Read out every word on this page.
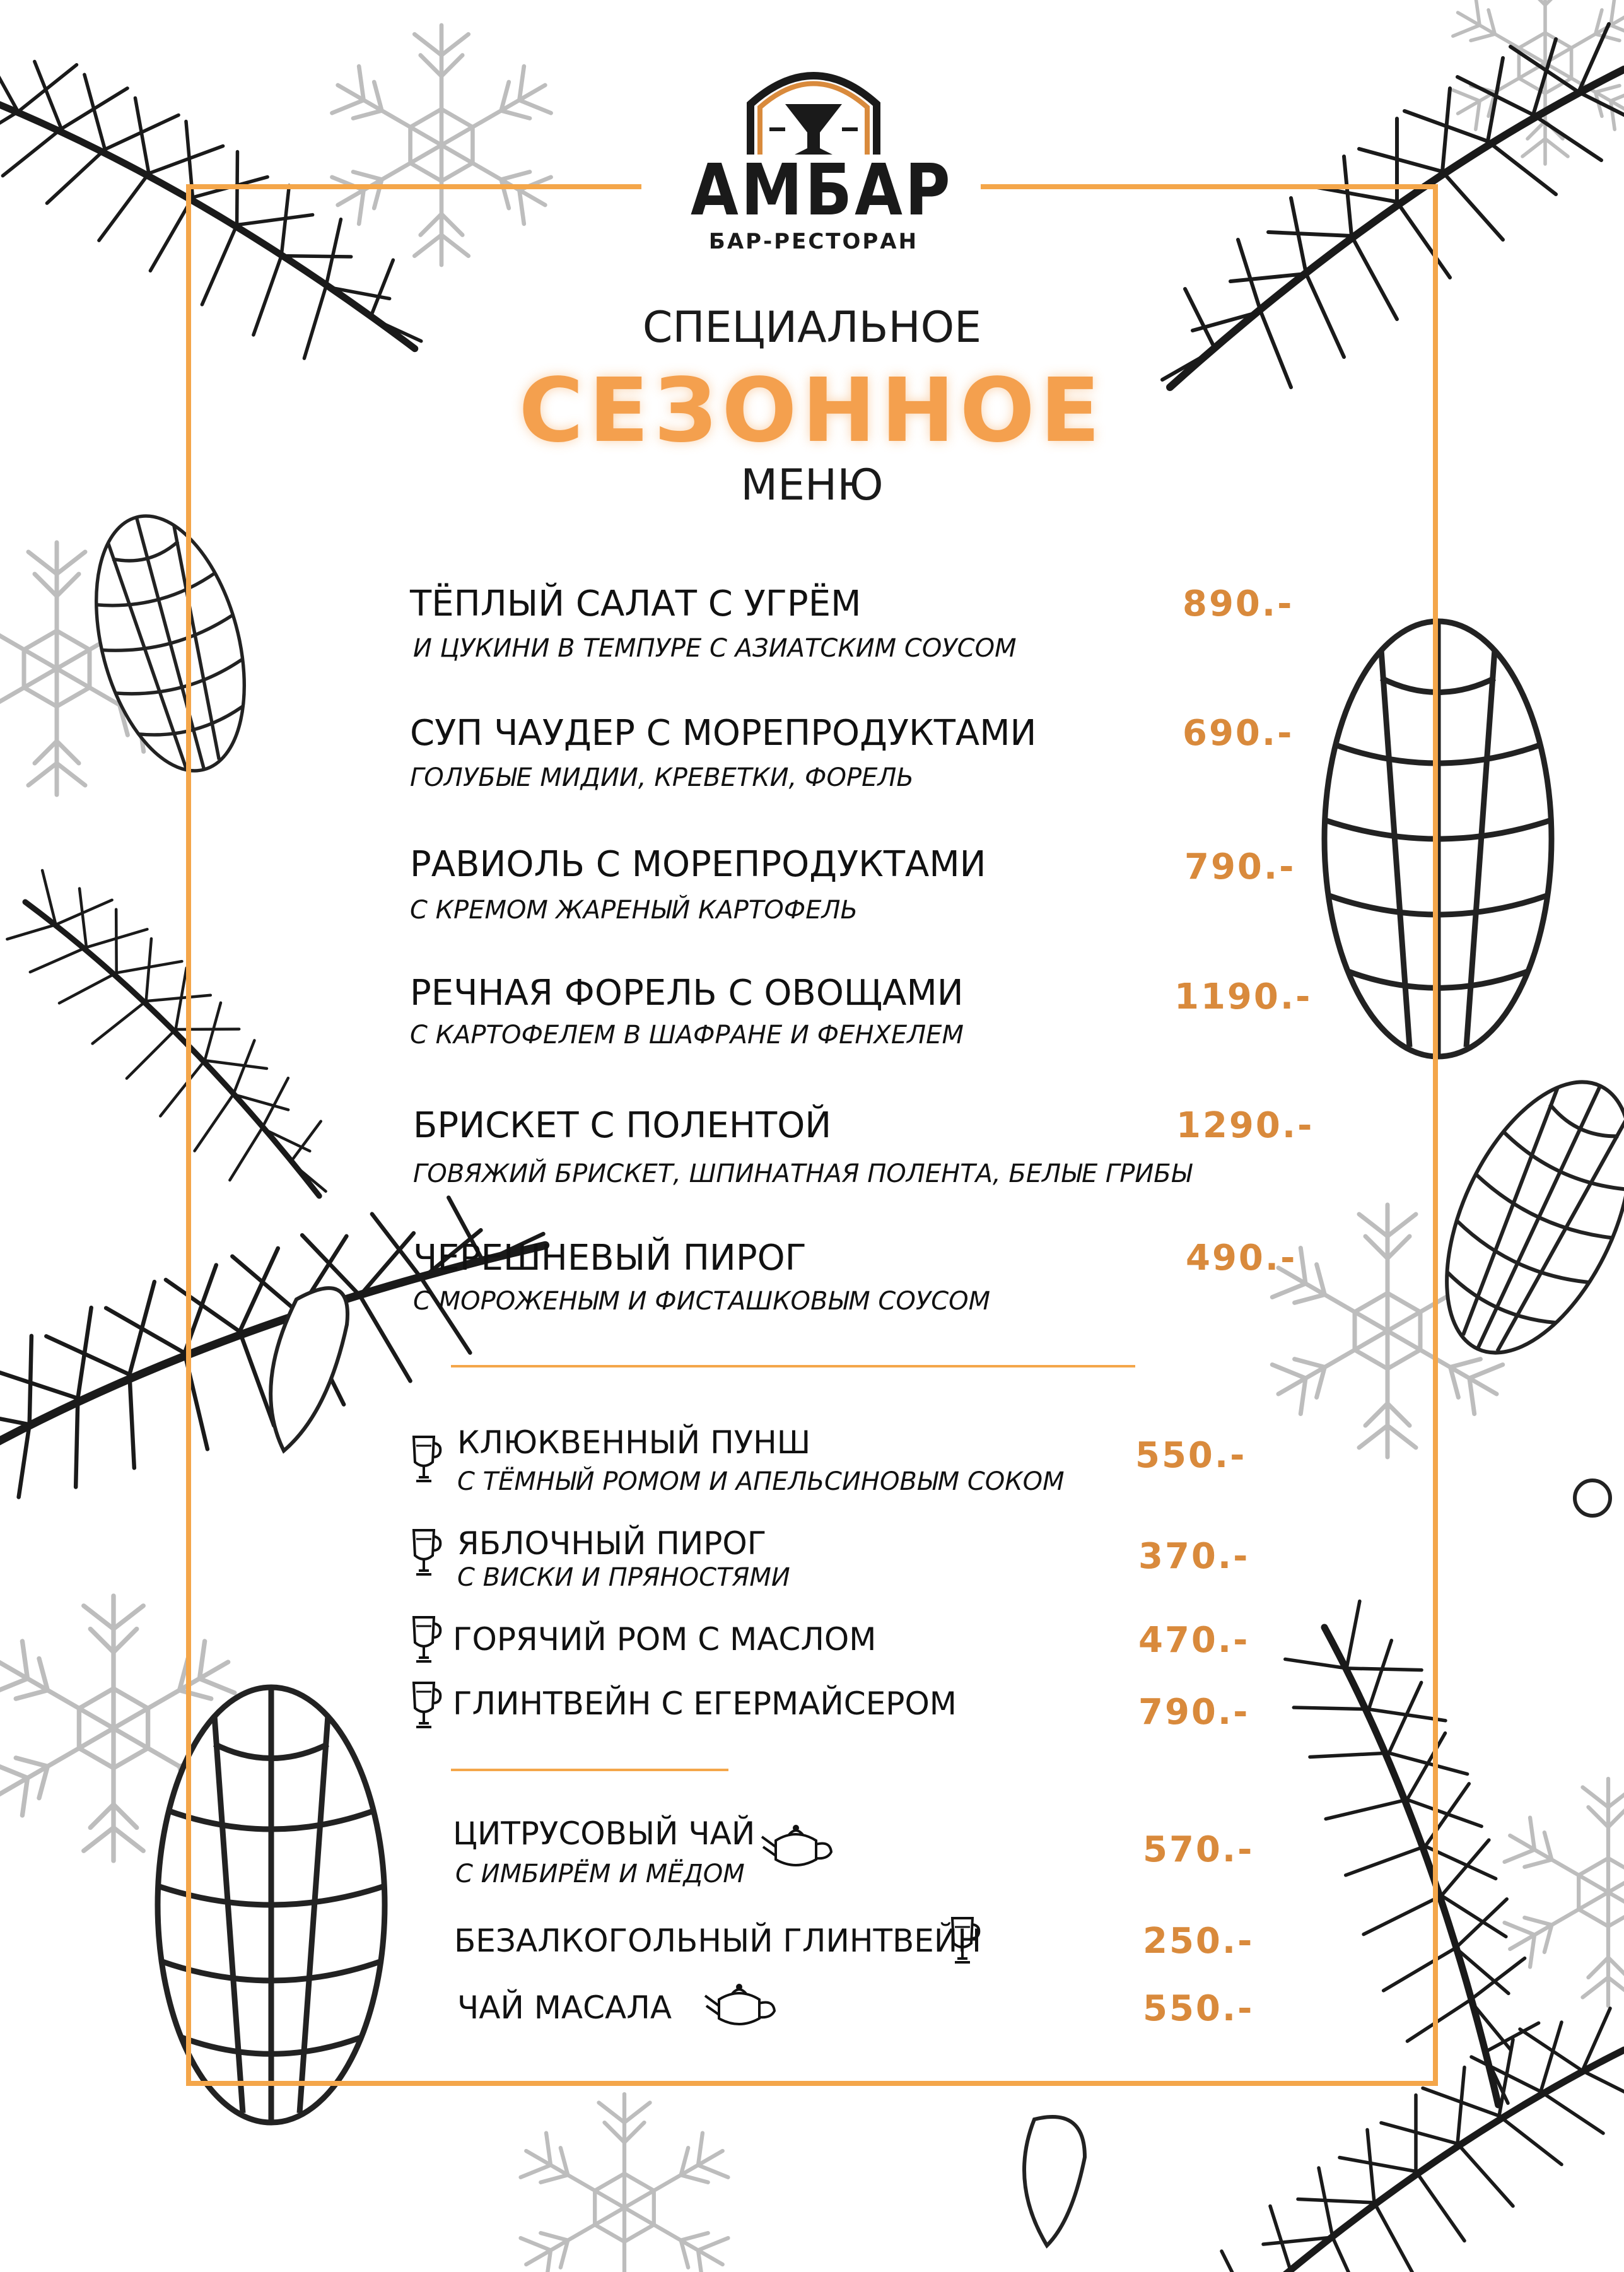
АМБАР
БАР-РЕСТОРАН
СПЕЦИАЛЬНОЕ
СЕЗОННОЕ
МЕНЮ
ТЁПЛЫЙ САЛАТ С УГРЁМ
И ЦУКИНИ В ТЕМПУРЕ С АЗИАТСКИМ СОУСОМ
890.-
СУП ЧАУДЕР С МОРЕПРОДУКТАМИ
ГОЛУБЫЕ МИДИИ, КРЕВЕТКИ, ФОРЕЛЬ
690.-
РАВИОЛЬ С МОРЕПРОДУКТАМИ
С КРЕМОМ ЖАРЕНЫЙ КАРТОФЕЛЬ
790.-
РЕЧНАЯ ФОРЕЛЬ С ОВОЩАМИ
С КАРТОФЕЛЕМ В ШАФРАНЕ И ФЕНХЕЛЕМ
1190.-
БРИСКЕТ С ПОЛЕНТОЙ
ГОВЯЖИЙ БРИСКЕТ, ШПИНАТНАЯ ПОЛЕНТА, БЕЛЫЕ ГРИБЫ
1290.-
ЧЕРЕШНЕВЫЙ ПИРОГ
С МОРОЖЕНЫМ И ФИСТАШКОВЫМ СОУСОМ
490.-
КЛЮКВЕННЫЙ ПУНШ
С ТЁМНЫЙ РОМОМ И АПЕЛЬСИНОВЫМ СОКОМ
550.-
ЯБЛОЧНЫЙ ПИРОГ
С ВИСКИ И ПРЯНОСТЯМИ
370.-
ГОРЯЧИЙ РОМ С МАСЛОМ	470.-
ГЛИНТВЕЙН С ЕГЕРМАЙСЕРОМ	790.-
ЦИТРУСОВЫЙ ЧАЙ
С ИМБИРЁМ И МЁДОМ
570.-
БЕЗАЛКОГОЛЬНЫЙ ГЛИНТВЕЙН	250.-
ЧАЙ МАСАЛА	550.-
